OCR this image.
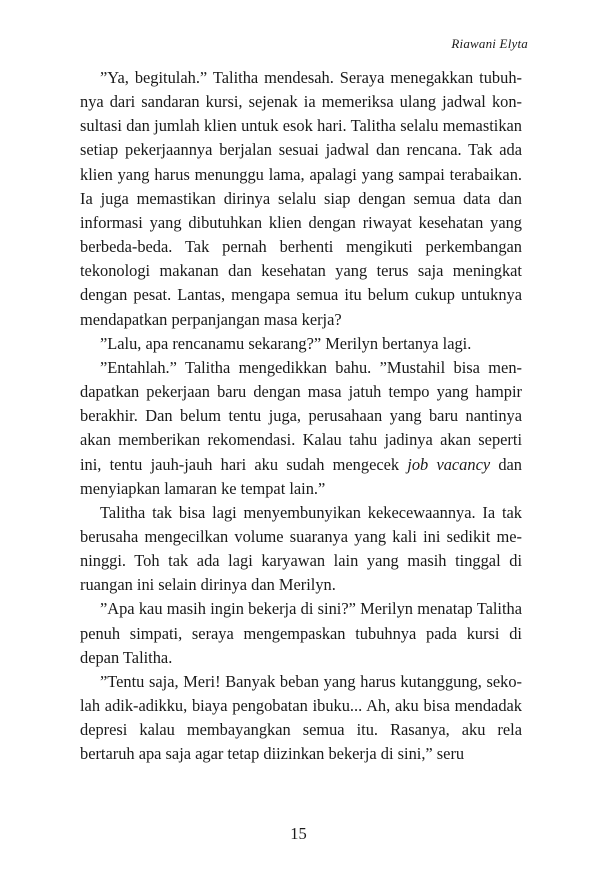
Riawani Elyta

”Ya, begitulah.” Talitha mendesah. Seraya menegakkan tubuhnya dari sandaran kursi, sejenak ia memeriksa ulang jadwal konsultasi dan jumlah klien untuk esok hari. Talitha selalu memastikan setiap pekerjaannya berjalan sesuai jadwal dan rencana. Tak ada klien yang harus menunggu lama, apalagi yang sampai terabaikan. Ia juga memastikan dirinya selalu siap dengan semua data dan informasi yang dibutuhkan klien dengan riwayat kesehatan yang berbeda-beda. Tak pernah berhenti mengikuti perkembangan tekonologi makanan dan kesehatan yang terus saja meningkat dengan pesat. Lantas, mengapa semua itu belum cukup untuknya mendapatkan perpanjangan masa kerja?

”Lalu, apa rencanamu sekarang?” Merilyn bertanya lagi.

”Entahlah.” Talitha mengedikkan bahu. ”Mustahil bisa mendapatkan pekerjaan baru dengan masa jatuh tempo yang hampir berakhir. Dan belum tentu juga, perusahaan yang baru nantinya akan memberikan rekomendasi. Kalau tahu jadinya akan seperti ini, tentu jauh-jauh hari aku sudah mengecek job vacancy dan menyiapkan lamaran ke tempat lain.”

Talitha tak bisa lagi menyembunyikan kekecewaannya. Ia tak berusaha mengecilkan volume suaranya yang kali ini sedikit meninggi. Toh tak ada lagi karyawan lain yang masih tinggal di ruangan ini selain dirinya dan Merilyn.

”Apa kau masih ingin bekerja di sini?” Merilyn menatap Talitha penuh simpati, seraya mengempaskan tubuhnya pada kursi di depan Talitha.

”Tentu saja, Meri! Banyak beban yang harus kutanggung, sekolah adik-adikku, biaya pengobatan ibuku... Ah, aku bisa mendadak depresi kalau membayangkan semua itu. Rasanya, aku rela bertaruh apa saja agar tetap diizinkan bekerja di sini,” seru

15
